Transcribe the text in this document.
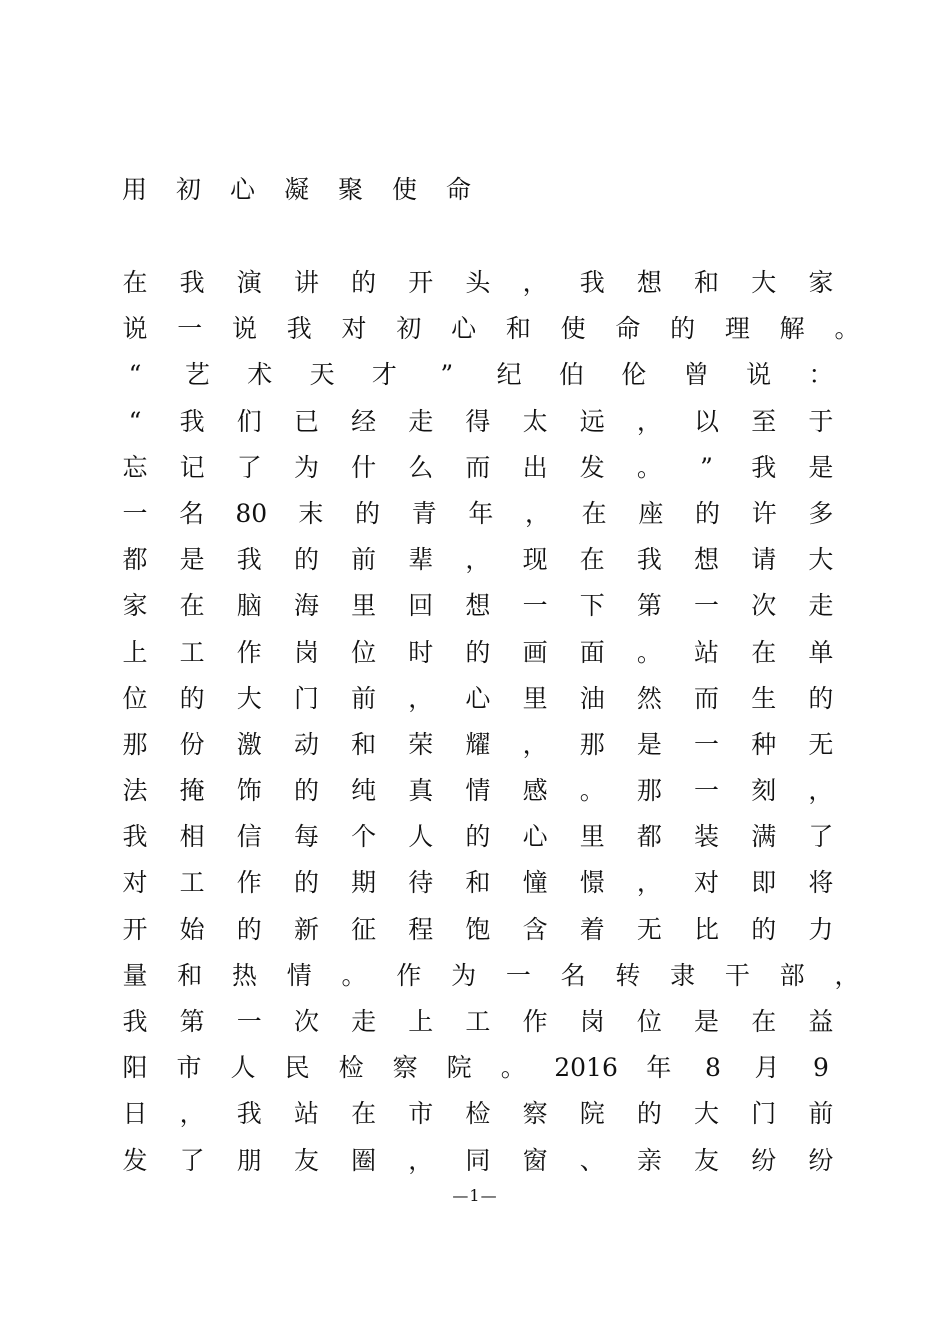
用初心凝聚使命
在 我 演 讲 的 开 头 ， 我 想 和 大 家
说 一 说 我 对 初 心 和 使 命 的 理 解 。
“ 艺 术 天 才 ” 纪 伯 伦 曾 说 ：
“ 我 们 已 经 走 得 太 远 ， 以 至 于
忘 记 了 为 什 么 而 出 发 。 ” 我 是
一 名 80 末 的 青 年 ， 在 座 的 许 多
都 是 我 的 前 辈 ， 现 在 我 想 请 大
家 在 脑 海 里 回 想 一 下 第 一 次 走
上 工 作 岗 位 时 的 画 面 。 站 在 单
位 的 大 门 前 ， 心 里 油 然 而 生 的
那 份 激 动 和 荣 耀 ， 那 是 一 种 无
法 掩 饰 的 纯 真 情 感 。 那 一 刻 ，
我 相 信 每 个 人 的 心 里 都 装 满 了
对 工 作 的 期 待 和 憧 憬 ， 对 即 将
开 始 的 新 征 程 饱 含 着 无 比 的 力
量 和 热 情 。 作 为 一 名 转 隶 干 部 ，
我 第 一 次 走 上 工 作 岗 位 是 在 益
阳 市 人 民 检 察 院 。 2016 年 8 月 9
日 ， 我 站 在 市 检 察 院 的 大 门 前
发 了 朋 友 圈 ， 同 窗 、 亲 友 纷 纷
—1—
